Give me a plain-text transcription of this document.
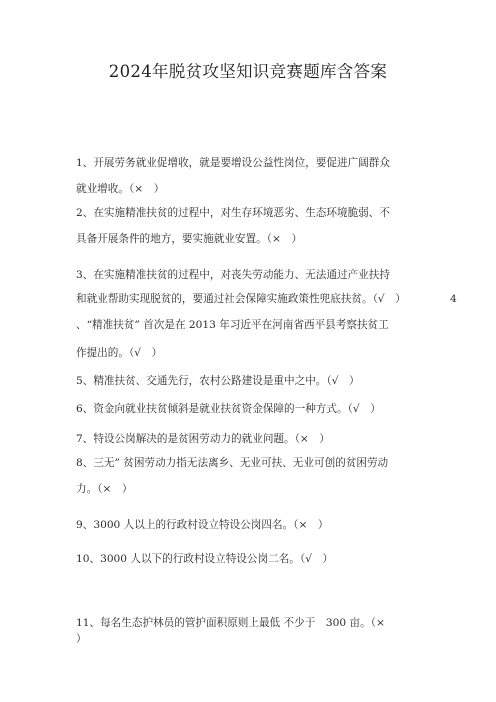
2024年脱贫攻坚知识竞赛题库含答案
1、开展劳务就业促增收，就是要增设公益性岗位，要促进广阔群众
就业增收。（×　）
2、在实施精准扶贫的过程中，对生存环境恶劣、生态环境脆弱、不
具备开展条件的地方，要实施就业安置。（×　）
3、在实施精准扶贫的过程中，对丧失劳动能力、无法通过产业扶持
和就业帮助实现脱贫的，要通过社会保障实施政策性兜底扶贫。（√　）	4
、“精准扶贫” 首次是在 2013 年习近平在河南省西平县考察扶贫工
作提出的。（√　）
5、精准扶贫、交通先行，农村公路建设是重中之中。（√　）
6、资金向就业扶贫倾斜是就业扶贫资金保障的一种方式。（√　）
7、特设公岗解决的是贫困劳动力的就业问题。（×　）
8、三无” 贫困劳动力指无法离乡、无业可扶、无业可创的贫困劳动
力。（×　）
9、3000 人以上的行政村设立特设公岗四名。（×　）
10、3000 人以下的行政村设立特设公岗二名。（√　）
11、每名生态护林员的管护面积原则上最低 不少于　300 亩。（×
）
